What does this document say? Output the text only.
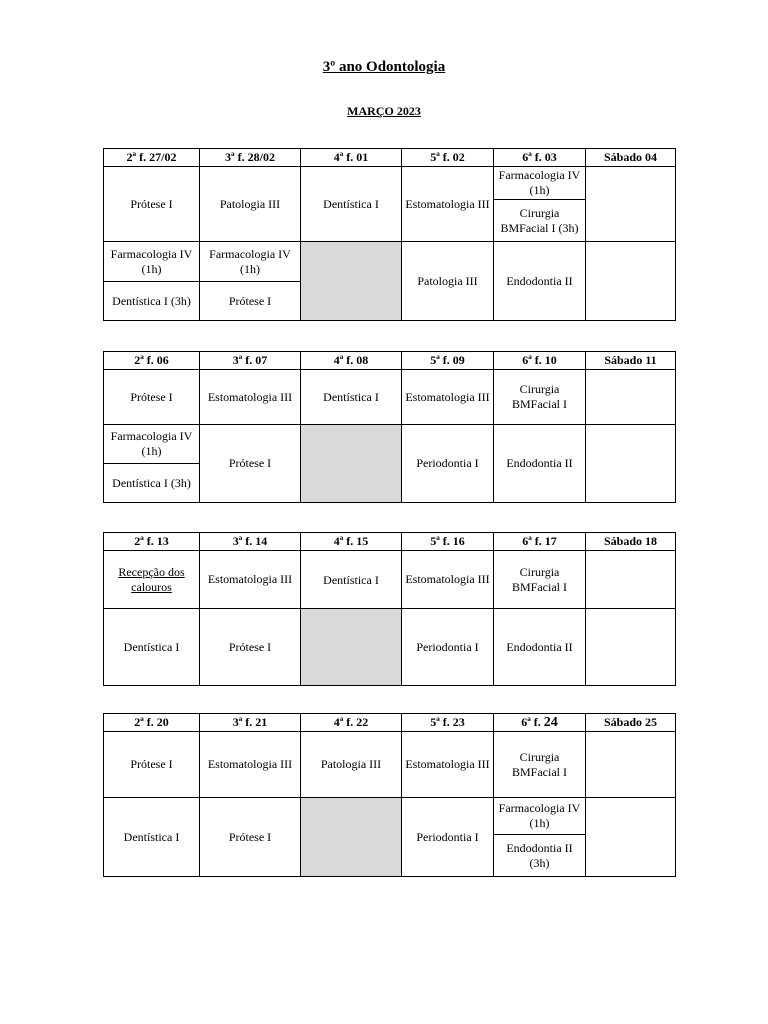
3º ano Odontologia
MARÇO 2023
2ª f. 27/02	3ª f. 28/02	4ª f. 01	5ª f. 02	6ª f. 03	Sábado 04
Prótese I	Patologia III	Dentística I	Estomatologia III	Farmacologia IV (1h)	
				Cirurgia BMFacial I (3h)	
Farmacologia IV (1h)	Farmacologia IV (1h)		Patologia III	Endodontia II	
Dentística I (3h)	Prótese I				
2ª f. 06	3ª f. 07	4ª f. 08	5ª f. 09	6ª f. 10	Sábado 11
Prótese I	Estomatologia III	Dentística I	Estomatologia III	Cirurgia BMFacial I	
Farmacologia IV (1h)	Prótese I		Periodontia I	Endodontia II	
Dentística I (3h)					
2ª f. 13	3ª f. 14	4ª f. 15	5ª f. 16	6ª f. 17	Sábado 18
Recepção dos calouros	Estomatologia III	Dentística I	Estomatologia III	Cirurgia BMFacial I	
Dentística I	Prótese I		Periodontia I	Endodontia II	
2ª f. 20	3ª f. 21	4ª f. 22	5ª f. 23	6ª f. 24	Sábado 25
Prótese I	Estomatologia III	Patologia III	Estomatologia III	Cirurgia BMFacial I	
Dentística I	Prótese I		Periodontia I	Farmacologia IV (1h)	
				Endodontia II (3h)	
